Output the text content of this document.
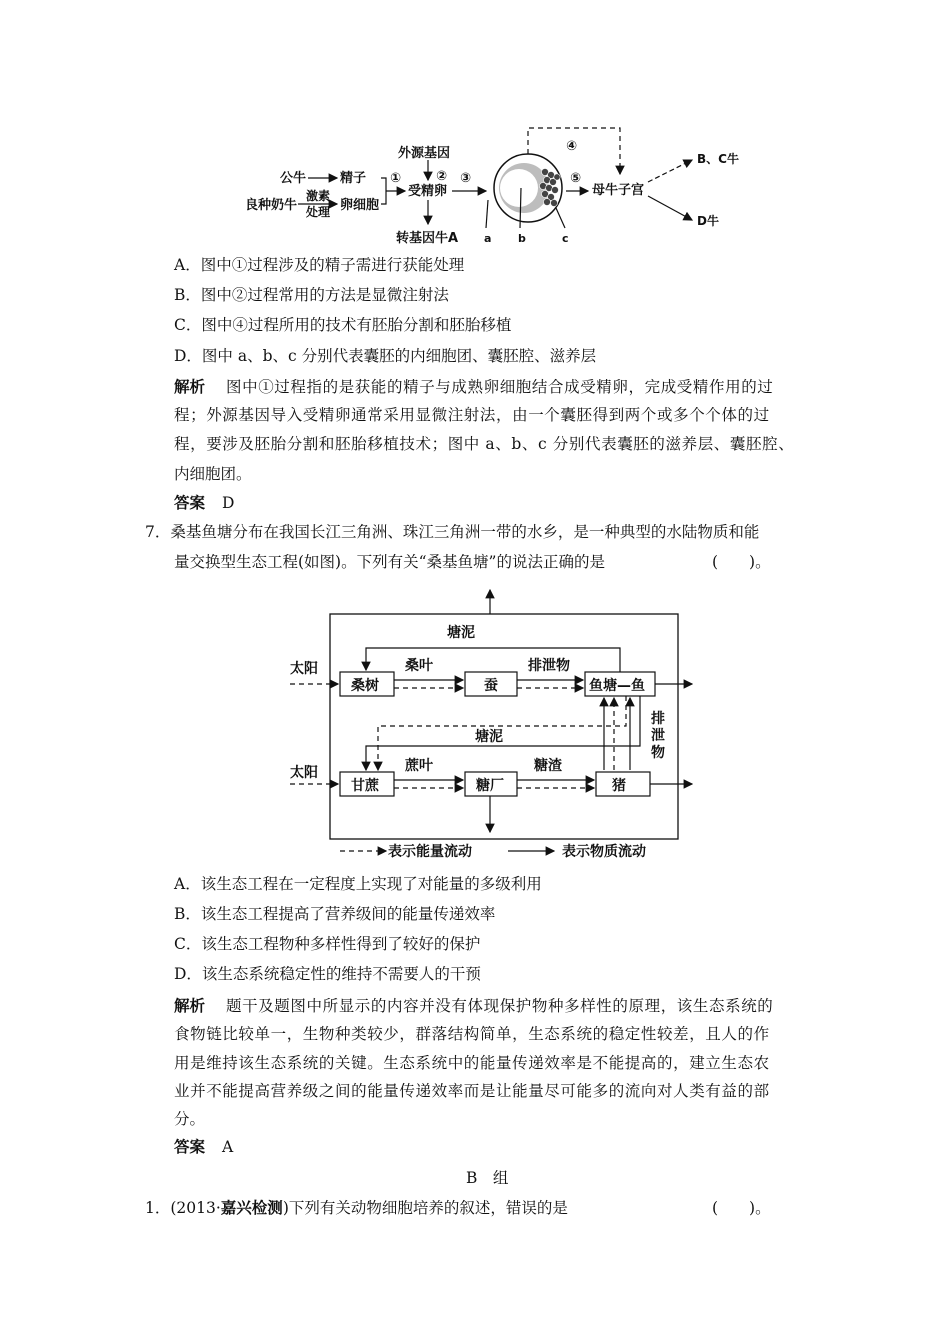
公牛	精子
良种奶牛
激素
处理 卵细胞
①
外源基因
②
受精卵
③
转基因牛A a b	c
④
⑤
母牛子宫
B、C牛
D牛
A．图中①过程涉及的精子需进行获能处理
B．图中②过程常用的方法是显微注射法
C．图中④过程所用的技术有胚胎分割和胚胎移植
D．图中 a、b、c 分别代表囊胚的内细胞团、囊胚腔、滋养层
解析 图中①过程指的是获能的精子与成熟卵细胞结合成受精卵，完成受精作用的过
程；外源基因导入受精卵通常采用显微注射法，由一个囊胚得到两个或多个个体的过
程，要涉及胚胎分割和胚胎移植技术；图中 a、b、c 分别代表囊胚的滋养层、囊胚腔、
内细胞团。
答案 D
7．桑基鱼塘分布在我国长江三角洲、珠江三角洲一带的水乡，是一种典型的水陆物质和能
量交换型生态工程(如图)。下列有关“桑基鱼塘”的说法正确的是	(　　)。
太阳
太阳
塘泥
桑叶	排泄物
桑树	蚕	鱼塘—鱼
排
泄
物
塘泥
蔗叶	糖渣
甘蔗	糖厂	猪
表示能量流动	表示物质流动
A．该生态工程在一定程度上实现了对能量的多级利用
B．该生态工程提高了营养级间的能量传递效率
C．该生态工程物种多样性得到了较好的保护
D．该生态系统稳定性的维持不需要人的干预
解析 题干及题图中所显示的内容并没有体现保护物种多样性的原理，该生态系统的
食物链比较单一，生物种类较少，群落结构简单，生态系统的稳定性较差，且人的作
用是维持该生态系统的关键。生态系统中的能量传递效率是不能提高的，建立生态农
业并不能提高营养级之间的能量传递效率而是让能量尽可能多的流向对人类有益的部
分。
答案 A
B　组
1．(2013·嘉兴检测)下列有关动物细胞培养的叙述，错误的是	(　　)。
